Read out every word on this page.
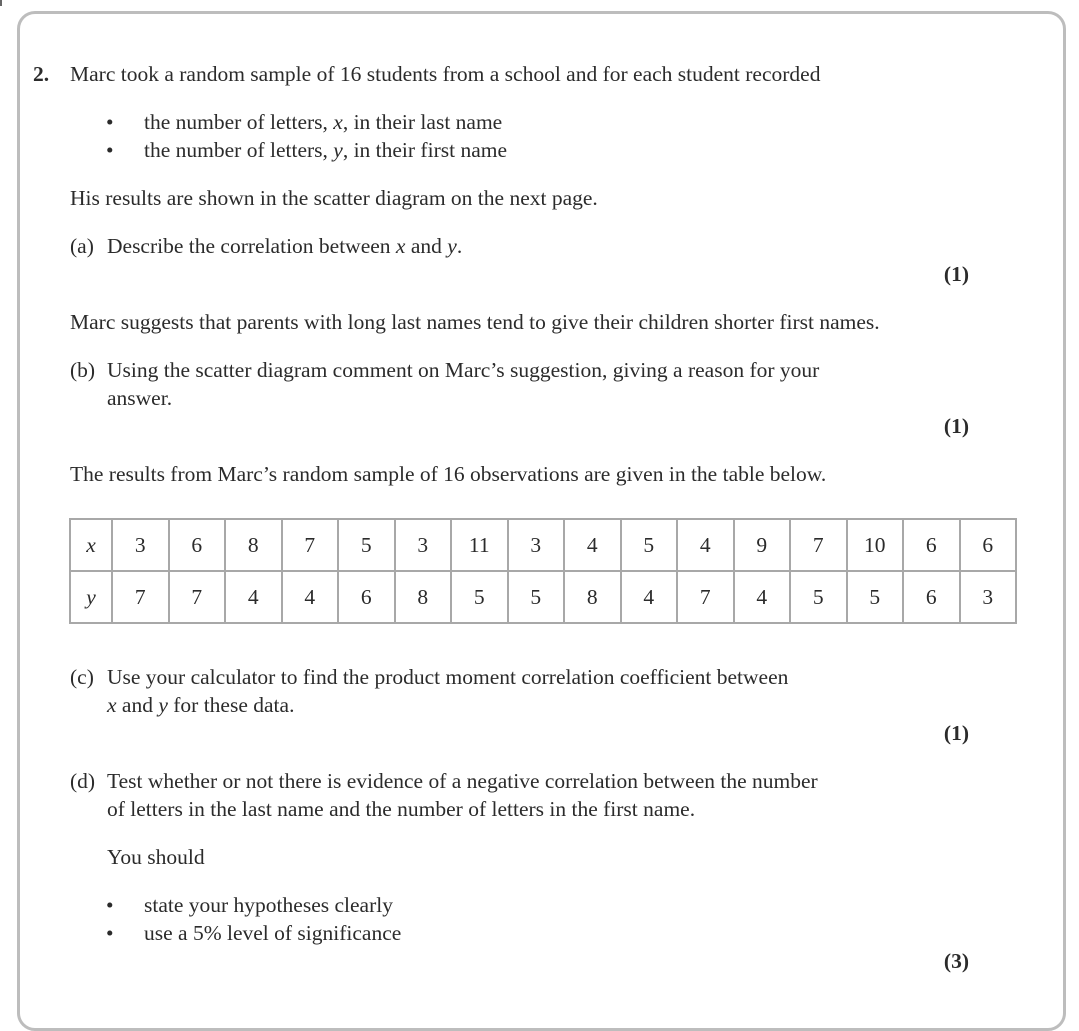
2. Marc took a random sample of 16 students from a school and for each student recorded
• the number of letters, x, in their last name
• the number of letters, y, in their first name
His results are shown in the scatter diagram on the next page.
(a) Describe the correlation between x and y.
(1)
Marc suggests that parents with long last names tend to give their children shorter first names.
(b) Using the scatter diagram comment on Marc’s suggestion, giving a reason for your
answer.
(1)
The results from Marc’s random sample of 16 observations are given in the table below.
x	3	6	8	7	5	3	11	3	4	5	4	9	7	10	6	6
y	7	7	4	4	6	8	5	5	8	4	7	4	5	5	6	3
(c) Use your calculator to find the product moment correlation coefficient between
x and y for these data.
(1)
(d) Test whether or not there is evidence of a negative correlation between the number
of letters in the last name and the number of letters in the first name.
You should
• state your hypotheses clearly
• use a 5% level of significance
(3)
